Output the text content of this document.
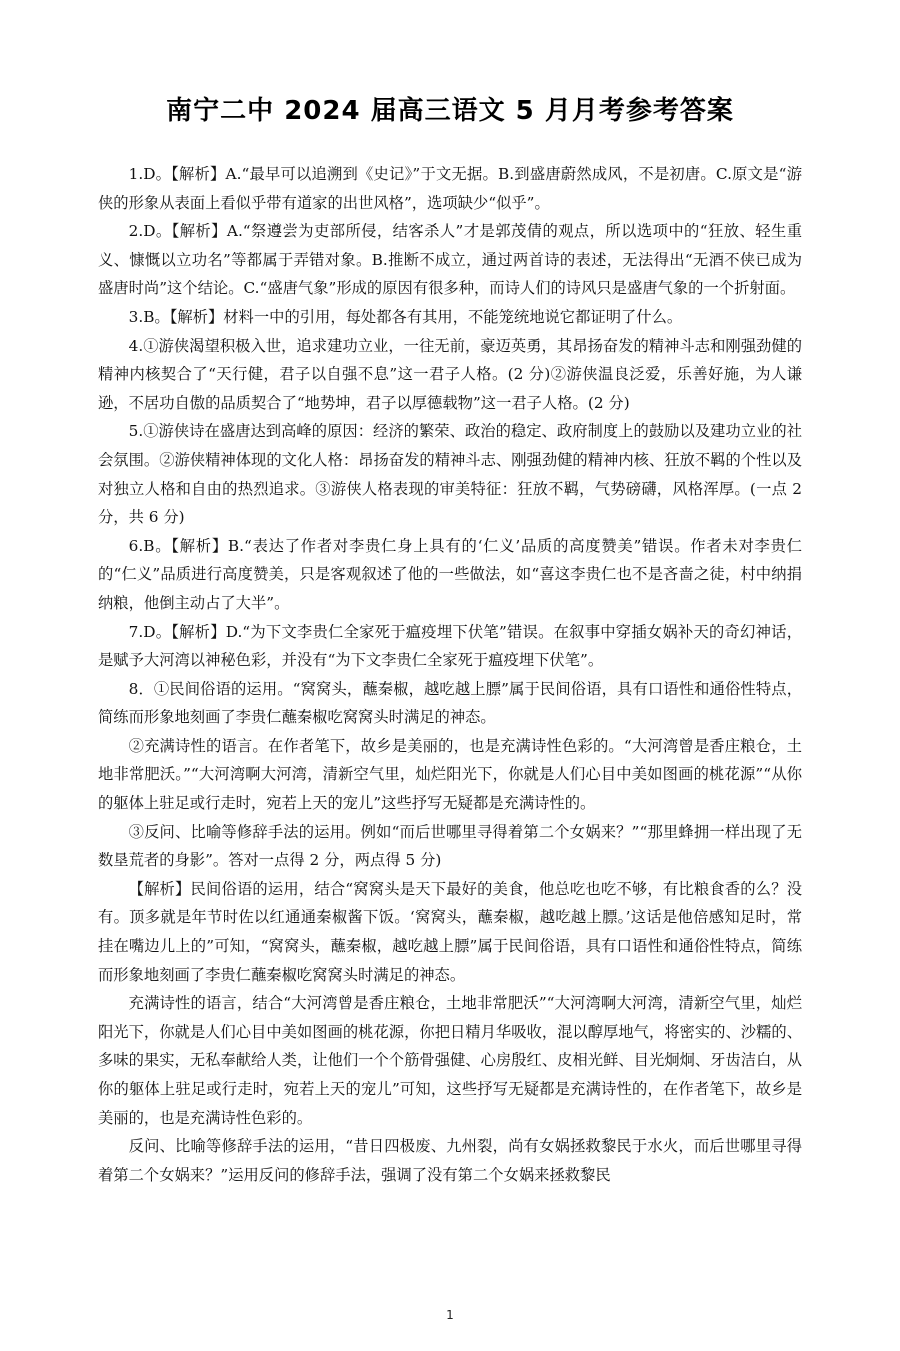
南宁二中 2024 届高三语文 5 月月考参考答案

1.D。【解析】A.“最早可以追溯到《史记》”于文无据。B.到盛唐蔚然成风，不是初唐。C.原文是“游侠的形象从表面上看似乎带有道家的出世风格”，选项缺少“似乎”。

2.D。【解析】A.“祭遵尝为吏部所侵，结客杀人”才是郭茂倩的观点，所以选项中的“狂放、轻生重义、慷慨以立功名”等都属于弄错对象。B.推断不成立，通过两首诗的表述，无法得出“无酒不侠已成为盛唐时尚”这个结论。C.“盛唐气象”形成的原因有很多种，而诗人们的诗风只是盛唐气象的一个折射面。

3.B。【解析】材料一中的引用，每处都各有其用，不能笼统地说它都证明了什么。

4.①游侠渴望积极入世，追求建功立业，一往无前，豪迈英勇，其昂扬奋发的精神斗志和刚强劲健的精神内核契合了“天行健，君子以自强不息”这一君子人格。(2 分)②游侠温良泛爱，乐善好施，为人谦逊，不居功自傲的品质契合了“地势坤，君子以厚德载物”这一君子人格。(2 分)

5.①游侠诗在盛唐达到高峰的原因：经济的繁荣、政治的稳定、政府制度上的鼓励以及建功立业的社会氛围。②游侠精神体现的文化人格：昂扬奋发的精神斗志、刚强劲健的精神内核、狂放不羁的个性以及对独立人格和自由的热烈追求。③游侠人格表现的审美特征：狂放不羁，气势磅礴，风格浑厚。(一点 2 分，共 6 分)

6.B。【解析】B.“表达了作者对李贵仁身上具有的‘仁义’品质的高度赞美”错误。作者未对李贵仁的“仁义”品质进行高度赞美，只是客观叙述了他的一些做法，如“喜这李贵仁也不是吝啬之徒，村中纳捐纳粮，他倒主动占了大半”。

7.D。【解析】D.“为下文李贵仁全家死于瘟疫埋下伏笔”错误。在叙事中穿插女娲补天的奇幻神话，是赋予大河湾以神秘色彩，并没有“为下文李贵仁全家死于瘟疫埋下伏笔”。

8．①民间俗语的运用。“窝窝头，蘸秦椒，越吃越上膘”属于民间俗语，具有口语性和通俗性特点，简练而形象地刻画了李贵仁蘸秦椒吃窝窝头时满足的神态。

②充满诗性的语言。在作者笔下，故乡是美丽的，也是充满诗性色彩的。“大河湾曾是香庄粮仓，土地非常肥沃。”“大河湾啊大河湾，清新空气里，灿烂阳光下，你就是人们心目中美如图画的桃花源”“从你的躯体上驻足或行走时，宛若上天的宠儿”这些抒写无疑都是充满诗性的。

③反问、比喻等修辞手法的运用。例如“而后世哪里寻得着第二个女娲来？”“那里蜂拥一样出现了无数垦荒者的身影”。答对一点得 2 分，两点得 5 分)

【解析】民间俗语的运用，结合“窝窝头是天下最好的美食，他总吃也吃不够，有比粮食香的么？没有。顶多就是年节时佐以红通通秦椒酱下饭。‘窝窝头，蘸秦椒，越吃越上膘。’这话是他倍感知足时，常挂在嘴边儿上的”可知，“窝窝头，蘸秦椒，越吃越上膘”属于民间俗语，具有口语性和通俗性特点，简练而形象地刻画了李贵仁蘸秦椒吃窝窝头时满足的神态。

充满诗性的语言，结合“大河湾曾是香庄粮仓，土地非常肥沃”“大河湾啊大河湾，清新空气里，灿烂阳光下，你就是人们心目中美如图画的桃花源，你把日精月华吸收，混以醇厚地气，将密实的、沙糯的、多味的果实，无私奉献给人类，让他们一个个筋骨强健、心房殷红、皮相光鲜、目光炯炯、牙齿洁白，从你的躯体上驻足或行走时，宛若上天的宠儿”可知，这些抒写无疑都是充满诗性的，在作者笔下，故乡是美丽的，也是充满诗性色彩的。

反问、比喻等修辞手法的运用，“昔日四极废、九州裂，尚有女娲拯救黎民于水火，而后世哪里寻得着第二个女娲来？”运用反问的修辞手法，强调了没有第二个女娲来拯救黎民

1
